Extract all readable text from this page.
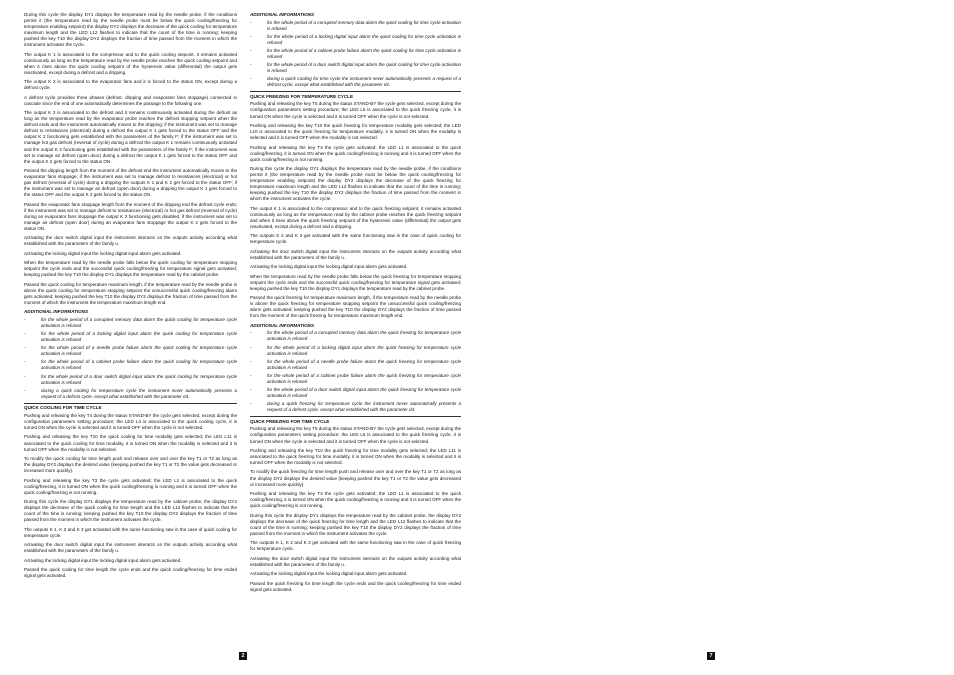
During this cycle the display DY1 displays the temperature read by the needle probe, if the conditions permit it (the temperature read by the needle probe must be below the quick cooling/freezing for temperature enabling setpoint) the display DY2 displays the decrease of the quick cooling for temperature maximum length and the LED L12 flashes to indicate that the count of the time is running; keeping pushed the key T10 the display DY2 displays the fraction of time passed from the moment in which the instrument activates the cycle.

The output K 1 is associated to the compressor and to the quick cooling setpoint, it remains activated continuously as long as the temperature read by the needle probe reaches the quick cooling setpoint and when it rises above the quick cooling setpoint of the hysteresis value (differential) the output gets reactivated, except during a defrost and a dripping.

The output K 2 is associated to the evaporator fans and it is forced to the status ON, except during a defrost cycle.

A defrost cycle provides three phases (defrost, dripping and evaporator fans stoppage) connected in cascade since the end of one automatically determines the passage to the following one.

The output K 3 is associated to the defrost and it remains continuously activated during the defrost as long as the temperature read by the evaporator probe reaches the defrost stopping setpoint when the defrost ends and the instrument automatically moves to the dripping; if the instrument was set to manage defrost to resistances (electrical) during a defrost the output K 1 gets forced to the status OFF and the output K 2 functioning gets established with the parameters of the family F; if the instrument was set to manage hot gas defrost (reversal of cycle) during a defrost the output K 1 remains continuously activated and the output K 2 functioning gets established with the parameters of the family F; if the instrument was set to manage air defrost (open door) during a defrost the output K 1 gets forced to the status OFF and the output K 2 gets forced to the status ON.

Passed the dripping length from the moment of the defrost end the instrument automatically moves to the evaporator fans stoppage; if the instrument was set to manage defrost to resistances (electrical) or hot gas defrost (reversal of cycle) during a dripping the outputs K 1 and K 2 get forced to the status OFF; if the instrument was set to manage air defrost (open door) during a dripping the output K 1 gets forced to the status OFF and the output K 2 gets forced to the status ON.

Passed the evaporator fans stoppage length from the moment of the dripping end the defrost cycle ends; if the instrument was set to manage defrost to resistances (electrical) or hot gas defrost (reversal of cycle) during an evaporator fans stoppage the output K 2 functioning gets disabled, if the instrument was set to manage air defrost (open door) during an evaporator fans stoppage the output K 2 gets forced to the status ON.

Activating the door switch digital input the instrument interacts on the outputs activity according what established with the parameters of the family u.

Activating the locking digital input the locking digital input alarm gets activated.

When the temperature read by the needle probe falls below the quick cooling for temperature stopping setpoint the cycle ends and the successful quick cooling/freezing for temperature signal gets activated; keeping pushed the key T10 the display DY1 displays the temperature read by the cabinet probe.

Passed the quick cooling for temperature maximum length, if the temperature read by the needle probe is above the quick cooling for temperature stopping setpoint the unsuccessful quick cooling/freezing alarm gets activated; keeping pushed the key T10 the display DY2 displays the fraction of time passed from the moment of which the instrument the temperature maximum length end.

ADDITIONAL INFORMATIONS

- for the whole period of a corrupted memory data alarm the quick cooling for temperature cycle activation is refused
- for the whole period of a locking digital input alarm the quick cooling for temperature cycle activation is refused
- for the whole period of a needle probe failure alarm the quick cooling for temperature cycle activation is refused
- for the whole period of a cabinet probe failure alarm the quick cooling for temperature cycle activation is refused
- for the whole period of a door switch digital input alarm the quick cooling for temperature cycle activation is refused
- during a quick cooling for temperature cycle the instrument never automatically presents a request of a defrost cycle, except what established with the parameter d4.

QUICK COOLING FOR TIME CYCLE

Pushing and releasing the key T4 during the status STAND-BY the cycle gets selected, except during the configuration parameters setting procedure; the LED L4 is associated to the quick cooling cycle, it is turned ON when the cycle is selected and it is turned OFF when the cycle is not selected.

Pushing and releasing the key T10 the quick cooling for time modality gets selected; the LED L11 is associated to the quick cooling for time modality, it is turned ON when the modality is selected and it is turned OFF when the modality is not selected.

To modify the quick cooling for time length push and release over and over the key T1 or T2 as long as the display DY2 displays the desired value (keeping pushed the key T1 or T2 the value gets decreased or increased more quickly).

Pushing and releasing the key T3 the cycle gets activated; the LED L1 is associated to the quick cooling/freezing, it is turned ON when the quick cooling/freezing is running and it is turned OFF when the quick cooling/freezing is not running.

During this cycle the display DY1 displays the temperature read by the cabinet probe, the display DY2 displays the decrease of the quick cooling for time length and the LED L12 flashes to indicate that the count of the time is running; keeping pushed the key T10 the display DY2 displays the fraction of time passed from the moment in which the instrument activates the cycle.

The outputs K 1, K 2 and K 3 get activated with the same functioning saw in the case of quick cooling for temperature cycle.

Activating the door switch digital input the instrument interacts on the outputs activity according what established with the parameters of the family u.

Activating the locking digital input the locking digital input alarm gets activated.

Passed the quick cooling for time length the cycle ends and the quick cooling/freezing for time ended signal gets activated.

ADDITIONAL INFORMATIONS

- for the whole period of a corrupted memory data alarm the quick cooling for time cycle activation is refused
- for the whole period of a locking digital input alarm the quick cooling for time cycle activation is refused
- for the whole period of a cabinet probe failure alarm the quick cooling for time cycle activation is refused
- for the whole period of a door switch digital input alarm the quick cooling for time cycle activation is refused
- during a quick cooling for time cycle the instrument never automatically presents a request of a defrost cycle, except what established with the parameter d4.

QUICK FREEZING FOR TEMPERATURE CYCLE

Pushing and releasing the key T5 during the status STAND-BY the cycle gets selected, except during the configuration parameters setting procedure; the LED L5 is associated to the quick freezing cycle, it is turned ON when the cycle is selected and it is turned OFF when the cycle is not selected.

Pushing and releasing the key T10 the quick freezing for temperature modality gets selected; the LED L10 is associated to the quick freezing for temperature modality, it is turned ON when the modality is selected and it is turned OFF when the modality is not selected.

Pushing and releasing the key T3 the cycle gets activated; the LED L1 is associated to the quick cooling/freezing, it is turned ON when the quick cooling/freezing is running and it is turned OFF when the quick cooling/freezing is not running.

During this cycle the display DY1 displays the temperature read by the needle probe, if the conditions permit it (the temperature read by the needle probe must be below the quick cooling/freezing for temperature enabling setpoint) the display DY2 displays the decrease of the quick freezing for temperature maximum length and the LED L12 flashes to indicate that the count of the time is running; keeping pushed the key T10 the display DY2 displays the fraction of time passed from the moment in which the instrument activates the cycle.

The output K 1 is associated to the compressor and to the quick freezing setpoint, it remains activated continuously as long as the temperature read by the cabinet probe reaches the quick freezing setpoint and when it rises above the quick freezing setpoint of the hysteresis value (differential) the output gets reactivated, except during a defrost and a dripping.

The outputs K 2 and K 3 get activated with the same functioning saw in the case of quick cooling for temperature cycle.

Activating the door switch digital input the instrument interacts on the outputs activity according what established with the parameters of the family u.

Activating the locking digital input the locking digital input alarm gets activated.

When the temperature read by the needle probe falls below the quick freezing for temperature stopping setpoint the cycle ends and the successful quick cooling/freezing for temperature signal gets activated; keeping pushed the key T10 the display DY1 displays the temperature read by the cabinet probe.

Passed the quick freezing for temperature maximum length, if the temperature read by the needle probe is above the quick freezing for temperature stopping setpoint the unsuccessful quick cooling/freezing alarm gets activated; keeping pushed the key T10 the display DY2 displays the fraction of time passed from the moment of the quick freezing for temperature maximum length end.

ADDITIONAL INFORMATIONS

- for the whole period of a corrupted memory data alarm the quick freezing for temperature cycle activation is refused
- for the whole period of a locking digital input alarm the quick freezing for temperature cycle activation is refused
- for the whole period of a needle probe failure alarm the quick freezing for temperature cycle activation is refused
- for the whole period of a cabinet probe failure alarm the quick freezing for temperature cycle activation is refused
- for the whole period of a door switch digital input alarm the quick freezing for temperature cycle activation is refused
- during a quick freezing for temperature cycle the instrument never automatically presents a request of a defrost cycle, except what established with the parameter d4.

QUICK FREEZING FOR TIME CYCLE

Pushing and releasing the key T5 during the status STAND-BY the cycle gets selected, except during the configuration parameters setting procedure; the LED L5 is associated to the quick freezing cycle, it is turned ON when the cycle is selected and it is turned OFF when the cycle is not selected.

Pushing and releasing the key T10 the quick freezing for time modality gets selected; the LED L11 is associated to the quick freezing for time modality, it is turned ON when the modality is selected and it is turned OFF when the modality is not selected.

To modify the quick freezing for time length push and release over and over the key T1 or T2 as long as the display DY2 displays the desired value (keeping pushed the key T1 or T2 the value gets decreased or increased more quickly).

Pushing and releasing the key T3 the cycle gets activated; the LED L1 is associated to the quick cooling/freezing, it is turned ON when the quick cooling/freezing is running and it is turned OFF when the quick cooling/freezing is not running.

During this cycle the display DY1 displays the temperature read by the cabinet probe, the display DY2 displays the decrease of the quick freezing for time length and the LED L12 flashes to indicate that the count of the time is running; keeping pushed the key T10 the display DY2 displays the fraction of time passed from the moment in which the instrument activates the cycle.

The outputs K 1, K 2 and K 3 get activated with the same functioning saw in the case of quick freezing for temperature cycle.

Activating the door switch digital input the instrument interacts on the outputs activity according what established with the parameters of the family u.

Activating the locking digital input the locking digital input alarm gets activated.

Passed the quick freezing for time length the cycle ends and the quick cooling/freezing for time ended signal gets activated.

2	7
